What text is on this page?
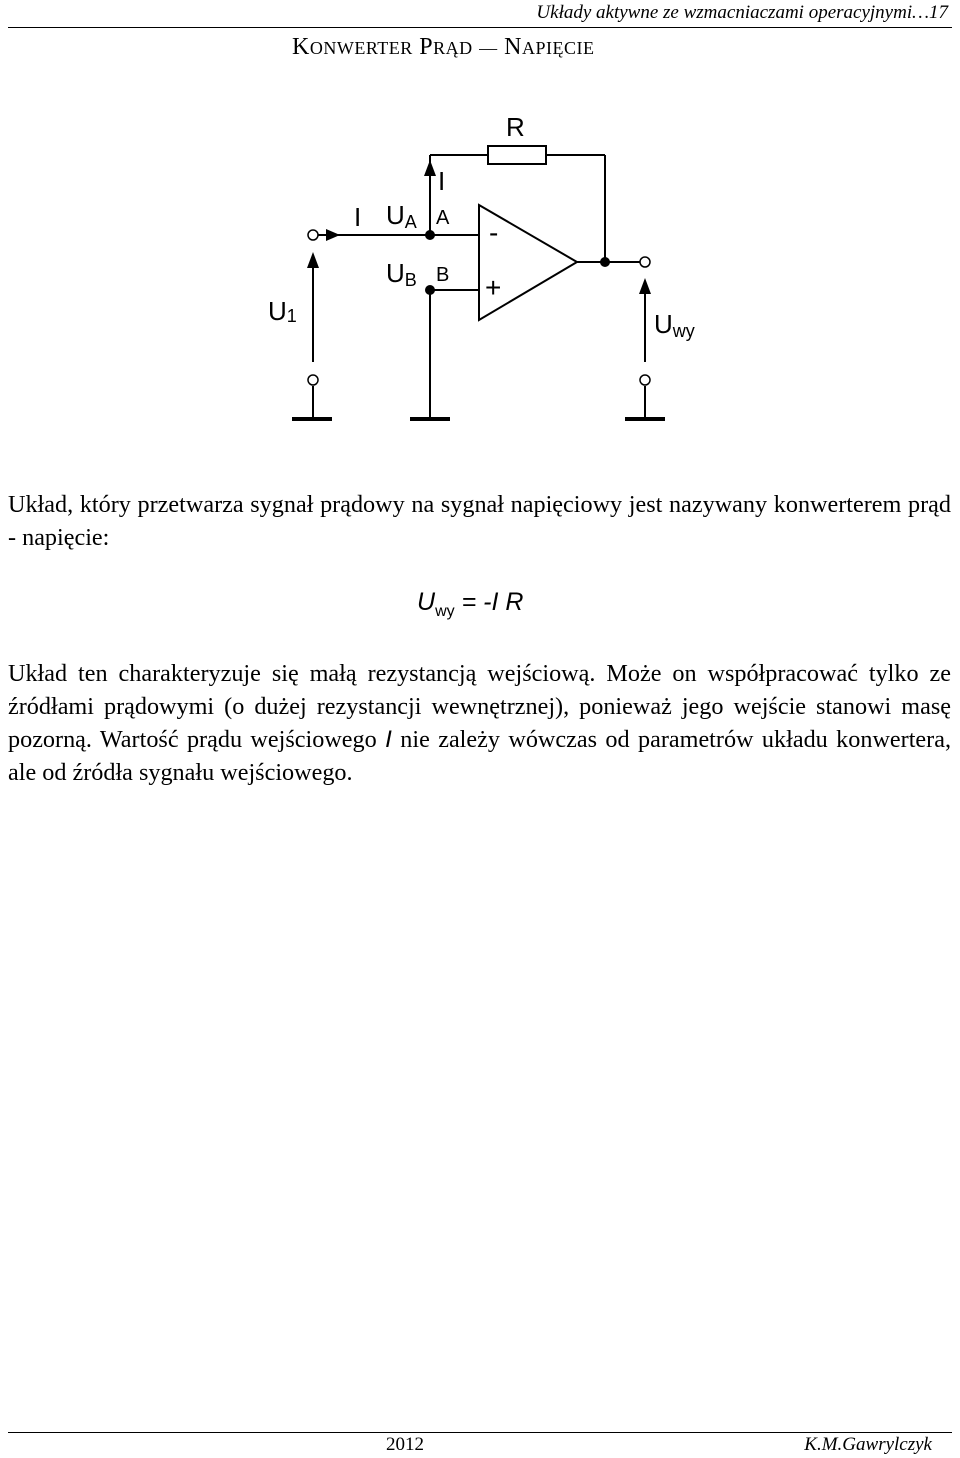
Układy aktywne ze wzmacniaczami operacyjnymi…17
KONWERTER PRĄD — NAPIĘCIE
R
I
I UA A
UB B
-
+
U1	Uwy

Układ, który przetwarza sygnał prądowy na sygnał napięciowy jest nazywany konwerterem prąd - napięcie:

$U_{wy} = -I$ R

Układ ten charakteryzuje się małą rezystancją wejściową. Może on współpracować tylko ze źródłami prądowymi (o dużej rezystancji wewnętrznej), ponieważ jego wejście stanowi masę pozorną. Wartość prądu wejściowego I nie zależy wówczas od parametrów układu konwertera, ale od źródła sygnału wejściowego.

2012	K.M.Gawrylczyk
